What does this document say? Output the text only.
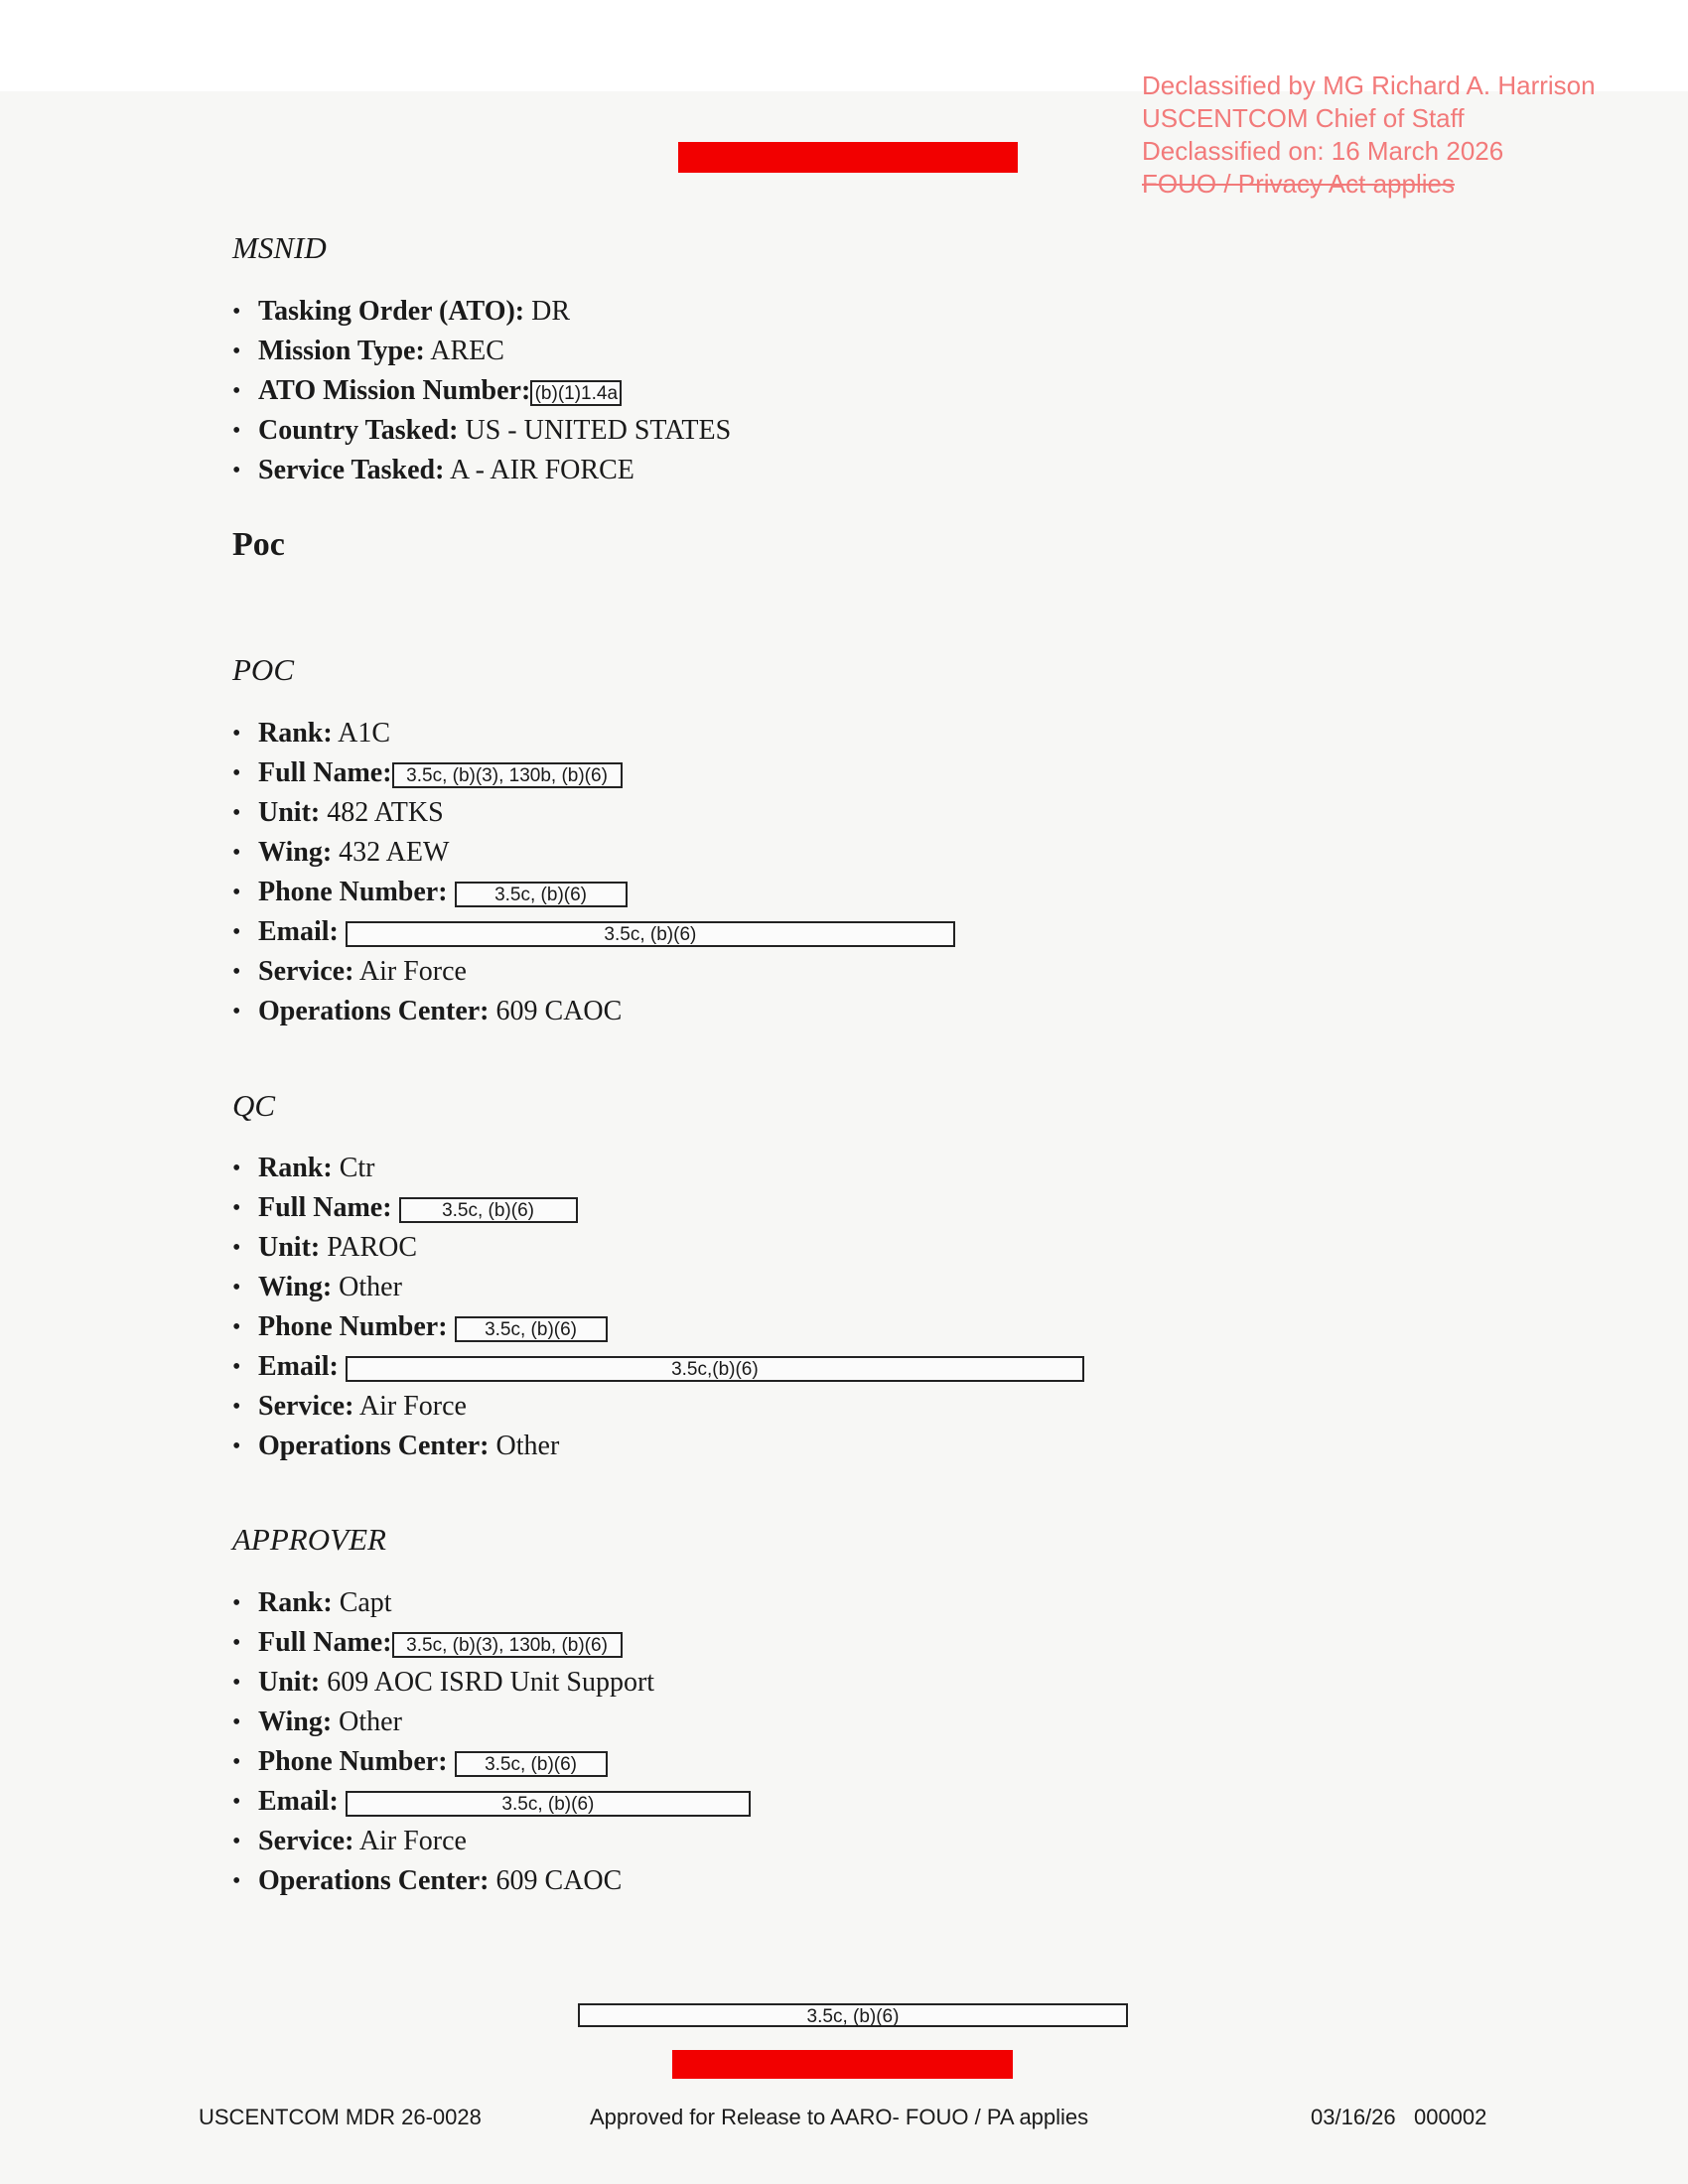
Declassified by MG Richard A. Harrison
USCENTCOM Chief of Staff
Declassified on: 16 March 2026
FOUO / Privacy Act applies
MSNID
• Tasking Order (ATO): DR
• Mission Type: AREC
• ATO Mission Number: (b)(1)1.4a
• Country Tasked: US - UNITED STATES
• Service Tasked: A - AIR FORCE
Poc
POC
• Rank: A1C
• Full Name: 3.5c, (b)(3), 130b, (b)(6)
• Unit: 482 ATKS
• Wing: 432 AEW
• Phone Number:	3.5c, (b)(6)
• Email:	3.5c, (b)(6)
• Service: Air Force
• Operations Center: 609 CAOC
QC
• Rank: Ctr
• Full Name:	3.5c, (b)(6)
• Unit: PAROC
• Wing: Other
• Phone Number: 3.5c, (b)(6)
• Email:	3.5c,(b)(6)
• Service: Air Force
• Operations Center: Other
APPROVER
• Rank: Capt
• Full Name: 3.5c, (b)(3), 130b, (b)(6)
• Unit: 609 AOC ISRD Unit Support
• Wing: Other
• Phone Number: 3.5c, (b)(6)
• Email:	3.5c, (b)(6)
• Service: Air Force
• Operations Center: 609 CAOC
3.5c, (b)(6)
USCENTCOM MDR 26-0028	Approved for Release to AARO- FOUO / PA applies	03/16/26   000002
